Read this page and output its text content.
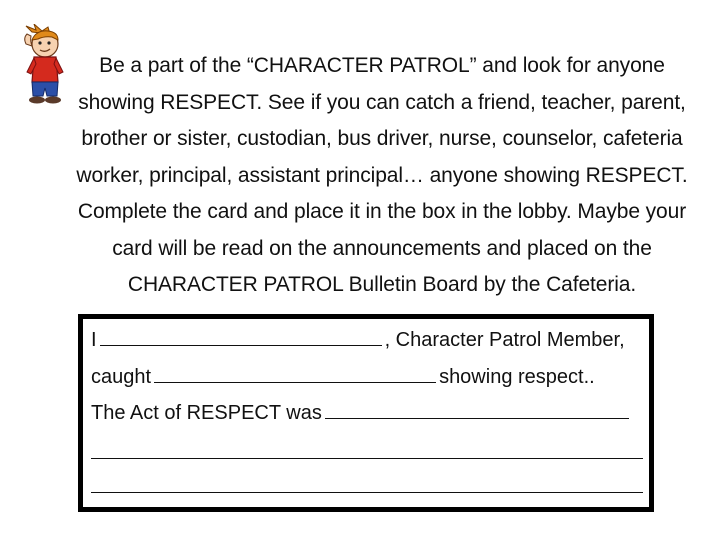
Be a part of the “CHARACTER PATROL” and look for anyone showing RESPECT. See if you can catch a friend, teacher, parent, brother or sister, custodian, bus driver, nurse, counselor, cafeteria worker, principal, assistant principal… anyone showing RESPECT. Complete the card and place it in the box in the lobby. Maybe your card will be read on the announcements and placed on the CHARACTER PATROL Bulletin Board by the Cafeteria.
I	, Character Patrol Member,
caught	showing respect..
The Act of RESPECT was
